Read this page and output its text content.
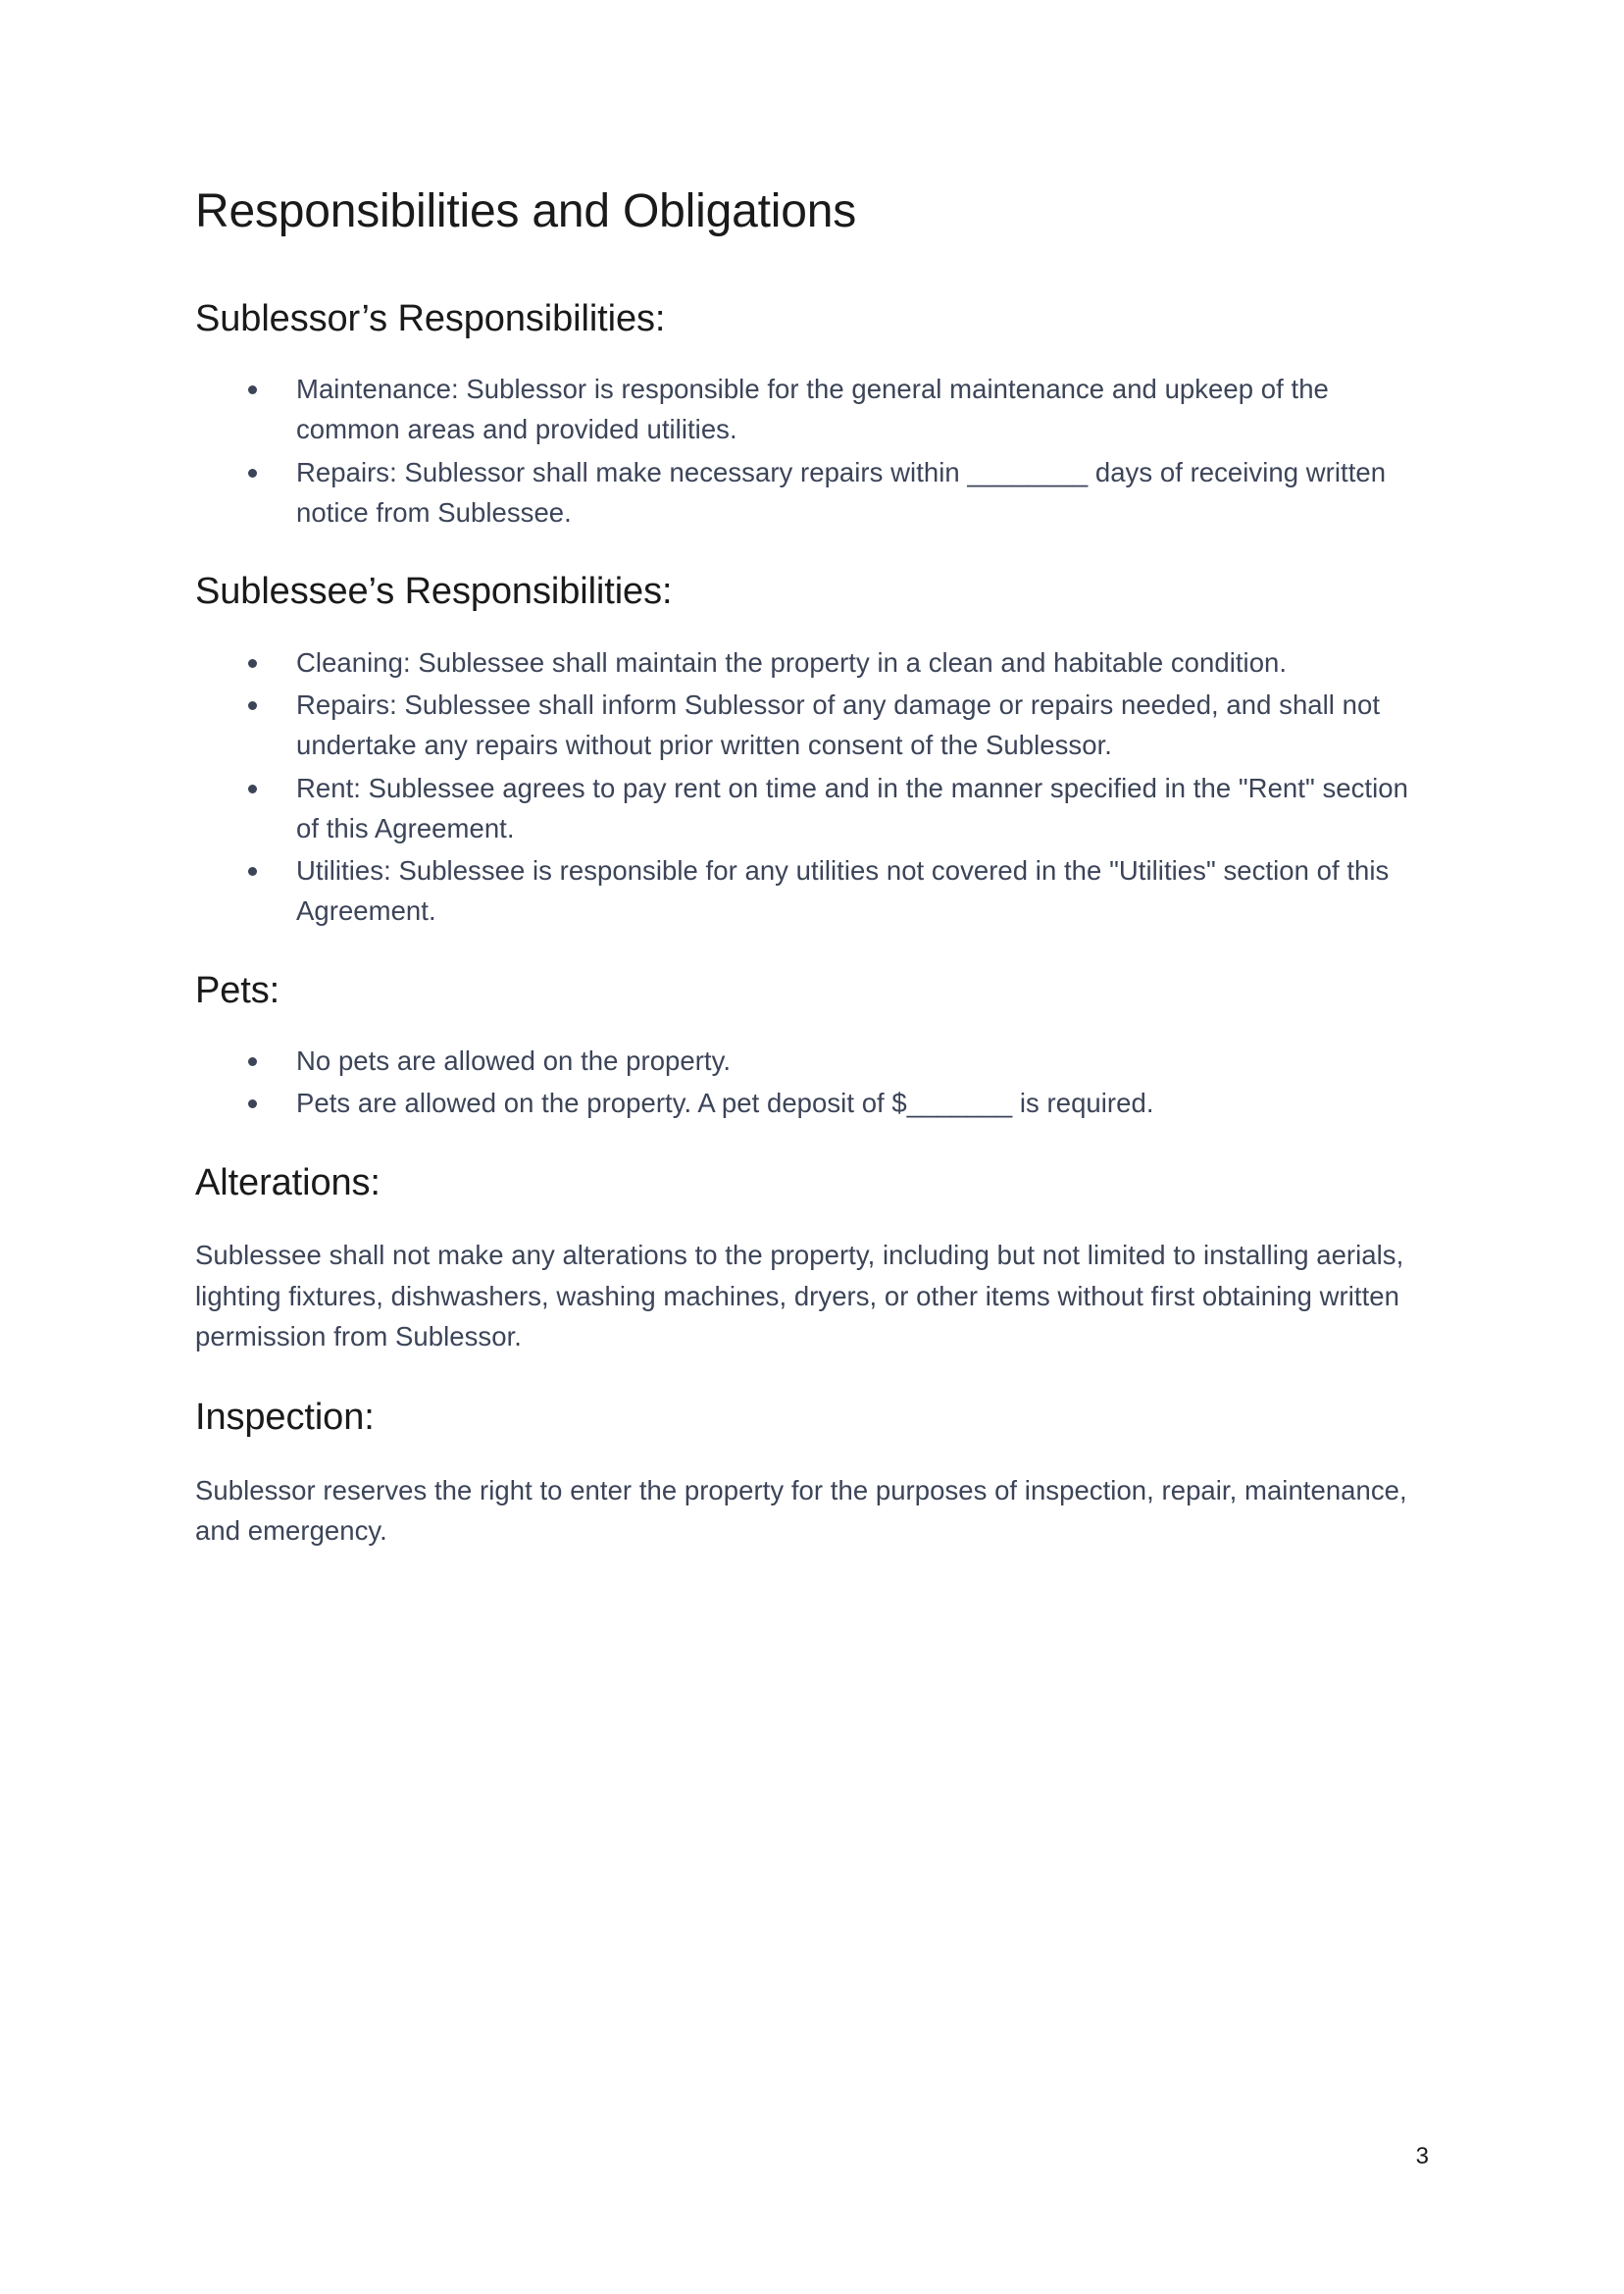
Responsibilities and Obligations
Sublessor’s Responsibilities:
Maintenance: Sublessor is responsible for the general maintenance and upkeep of the common areas and provided utilities.
Repairs: Sublessor shall make necessary repairs within ________ days of receiving written notice from Sublessee.
Sublessee’s Responsibilities:
Cleaning: Sublessee shall maintain the property in a clean and habitable condition.
Repairs: Sublessee shall inform Sublessor of any damage or repairs needed, and shall not undertake any repairs without prior written consent of the Sublessor.
Rent: Sublessee agrees to pay rent on time and in the manner specified in the "Rent" section of this Agreement.
Utilities: Sublessee is responsible for any utilities not covered in the "Utilities" section of this Agreement.
Pets:
No pets are allowed on the property.
Pets are allowed on the property. A pet deposit of $_______ is required.
Alterations:

Sublessee shall not make any alterations to the property, including but not limited to installing aerials, lighting fixtures, dishwashers, washing machines, dryers, or other items without first obtaining written permission from Sublessor.

Inspection:

Sublessor reserves the right to enter the property for the purposes of inspection, repair, maintenance, and emergency.

3
